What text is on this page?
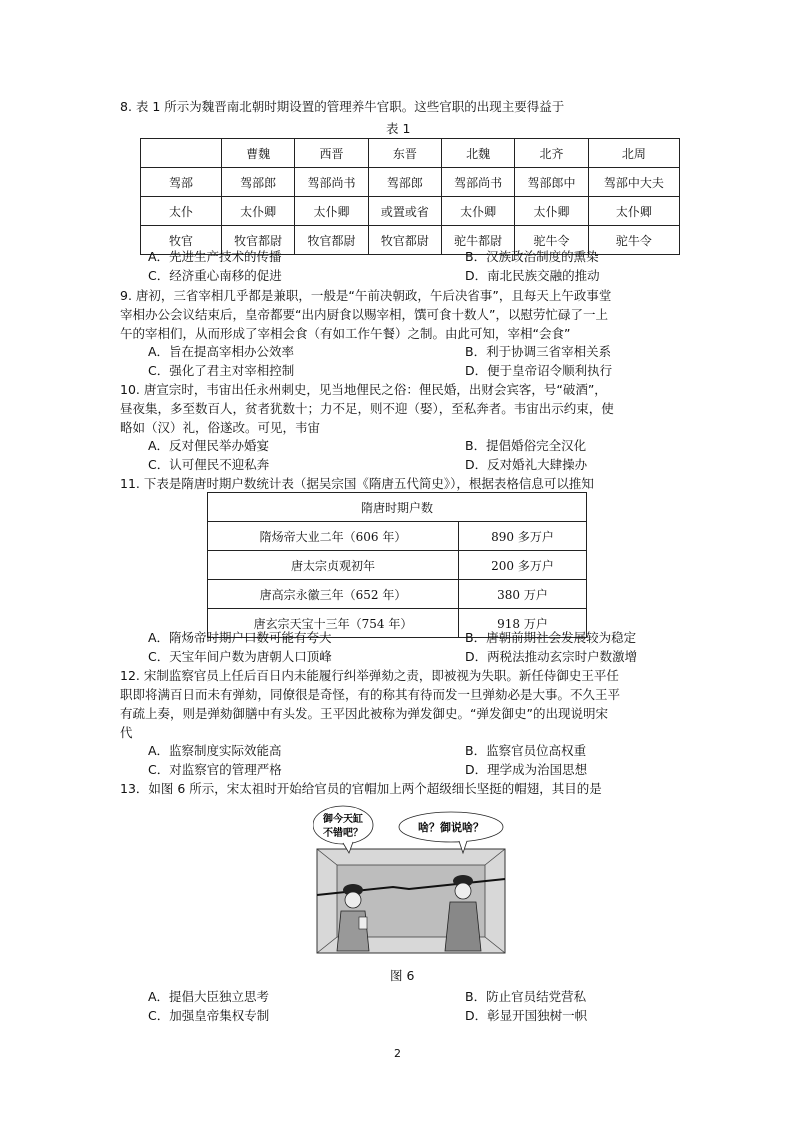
8. 表 1 所示为魏晋南北朝时期设置的管理养牛官职。这些官职的出现主要得益于
表 1
	曹魏	西晋	东晋	北魏	北齐	北周
驾部	驾部郎	驾部尚书	驾部郎	驾部尚书	驾部郎中	驾部中大夫
太仆	太仆卿	太仆卿	或置或省	太仆卿	太仆卿	太仆卿
牧官	牧官都尉	牧官都尉	牧官都尉	驼牛都尉	驼牛令	驼牛令
A．先进生产技术的传播	B．汉族政治制度的熏染
C．经济重心南移的促进	D．南北民族交融的推动
9. 唐初，三省宰相几乎都是兼职，一般是“午前决朝政，午后决省事”，且每天上午政事堂
宰相办公会议结束后，皇帝都要“出内厨食以赐宰相，馔可食十数人”，以慰劳忙碌了一上
午的宰相们，从而形成了宰相会食（有如工作午餐）之制。由此可知，宰相“会食”
A．旨在提高宰相办公效率	B．利于协调三省宰相关系
C．强化了君主对宰相控制	D．便于皇帝诏令顺利执行
10. 唐宣宗时，韦宙出任永州刺史，见当地俚民之俗：俚民婚，出财会宾客，号“破酒”，
昼夜集，多至数百人，贫者犹数十；力不足，则不迎（娶），至私奔者。韦宙出示约束，使
略如（汉）礼，俗遂改。可见，韦宙
A．反对俚民举办婚宴	B．提倡婚俗完全汉化
C．认可俚民不迎私奔	D．反对婚礼大肆操办
11. 下表是隋唐时期户数统计表（据吴宗国《隋唐五代简史》），根据表格信息可以推知
隋唐时期户数	
隋炀帝大业二年（606 年）	890 多万户
唐太宗贞观初年	200 多万户
唐高宗永徽三年（652 年）	380 万户
唐玄宗天宝十三年（754 年）	918 万户
A．隋炀帝时期户口数可能有夸大	B．唐朝前期社会发展较为稳定
C．天宝年间户数为唐朝人口顶峰	D．两税法推动玄宗时户数激增
12. 宋制监察官员上任后百日内未能履行纠举弹劾之责，即被视为失职。新任侍御史王平任
职即将满百日而未有弹劾，同僚很是奇怪，有的称其有待而发一旦弹劾必是大事。不久王平
有疏上奏，则是弹劾御膳中有头发。王平因此被称为弹发御史。“弹发御史”的出现说明宋
代
A．监察制度实际效能高	B．监察官员位高权重
C．对监察官的管理严格	D．理学成为治国思想
13．如图 6 所示，宋太祖时开始给官员的官帽加上两个超级细长坚挺的帽翅，其目的是
御今天缸
不错吧？	啥？御说啥？
图 6
A．提倡大臣独立思考	B．防止官员结党营私
C．加强皇帝集权专制	D．彰显开国独树一帜
2
